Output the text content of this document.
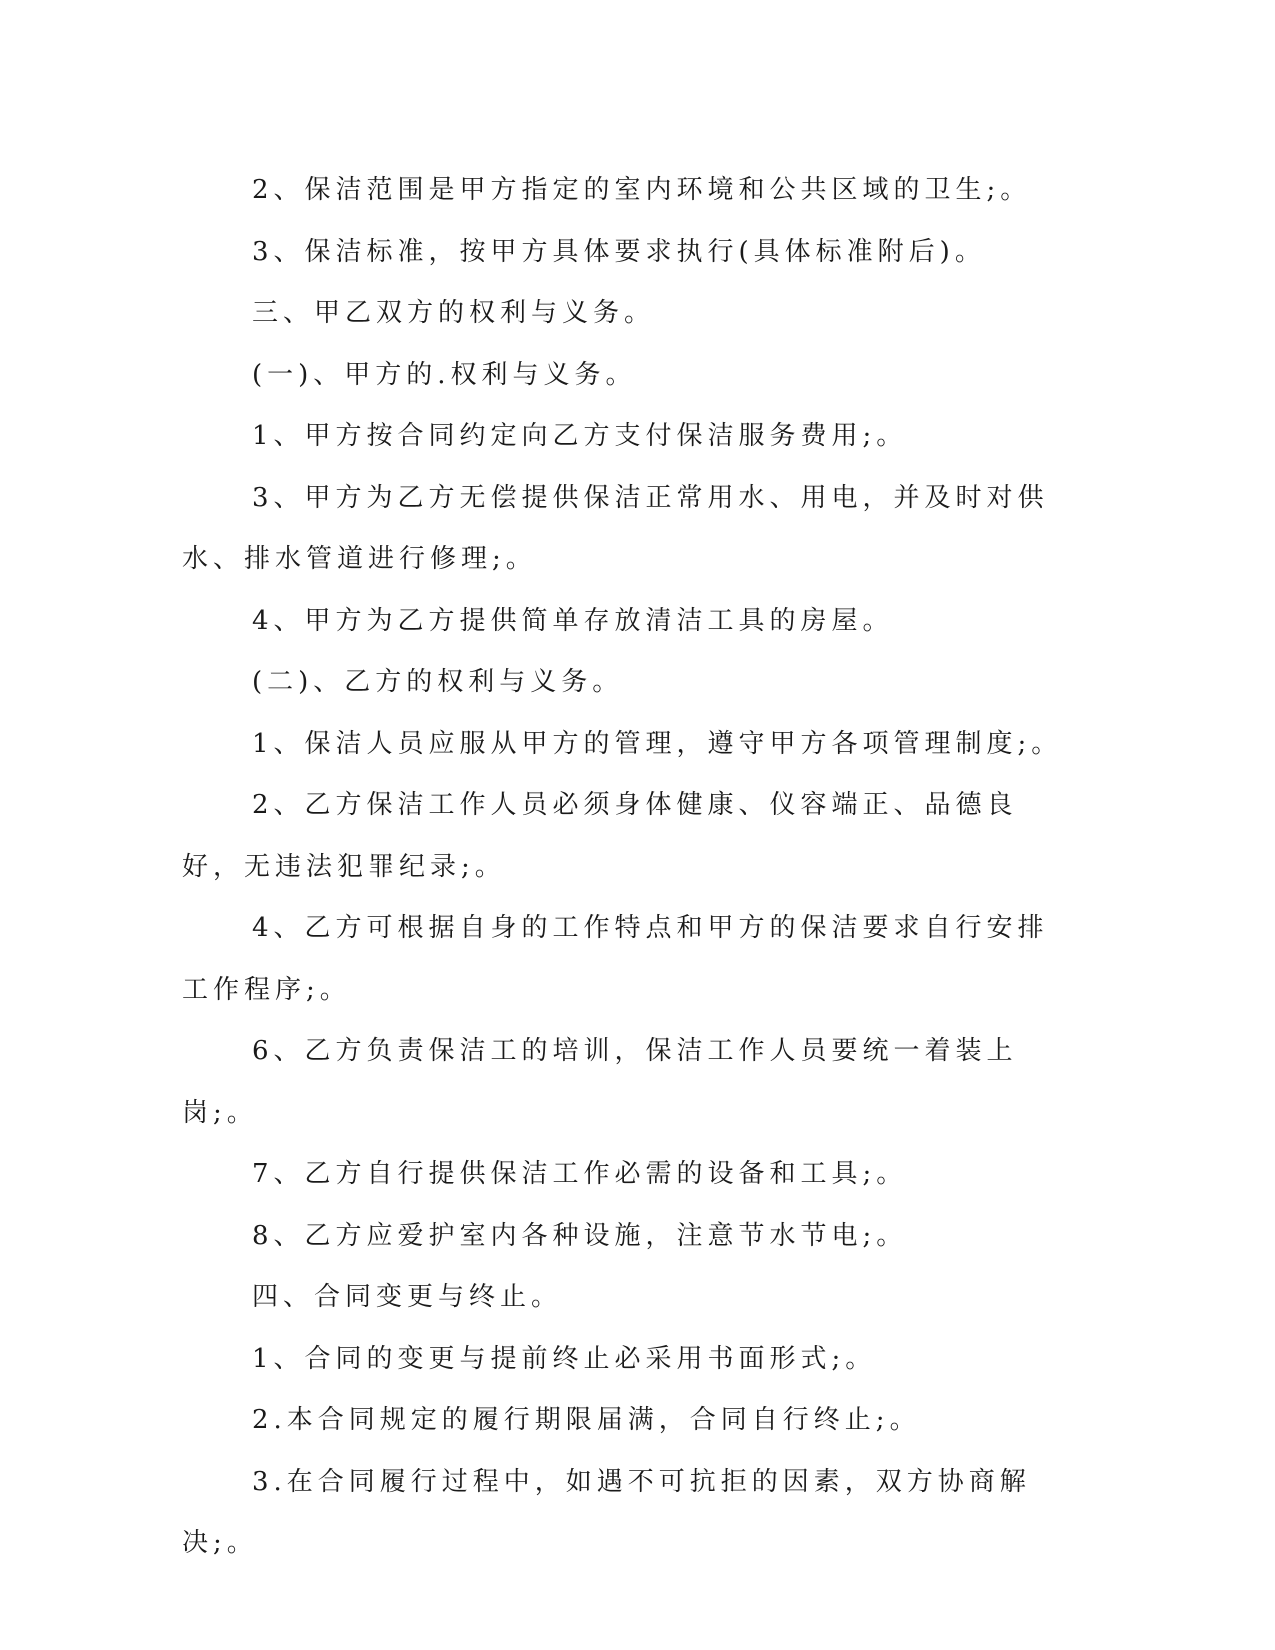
2、保洁范围是甲方指定的室内环境和公共区域的卫生;。

3、保洁标准，按甲方具体要求执行(具体标准附后)。

三、甲乙双方的权利与义务。

(一)、甲方的.权利与义务。

1、甲方按合同约定向乙方支付保洁服务费用;。

3、甲方为乙方无偿提供保洁正常用水、用电，并及时对供水、排水管道进行修理;。

4、甲方为乙方提供简单存放清洁工具的房屋。

(二)、乙方的权利与义务。

1、保洁人员应服从甲方的管理，遵守甲方各项管理制度;。

2、乙方保洁工作人员必须身体健康、仪容端正、品德良好，无违法犯罪纪录;。

4、乙方可根据自身的工作特点和甲方的保洁要求自行安排工作程序;。

6、乙方负责保洁工的培训，保洁工作人员要统一着装上岗;。

7、乙方自行提供保洁工作必需的设备和工具;。

8、乙方应爱护室内各种设施，注意节水节电;。

四、合同变更与终止。

1、合同的变更与提前终止必采用书面形式;。

2.本合同规定的履行期限届满，合同自行终止;。

3.在合同履行过程中，如遇不可抗拒的因素，双方协商解决;。
